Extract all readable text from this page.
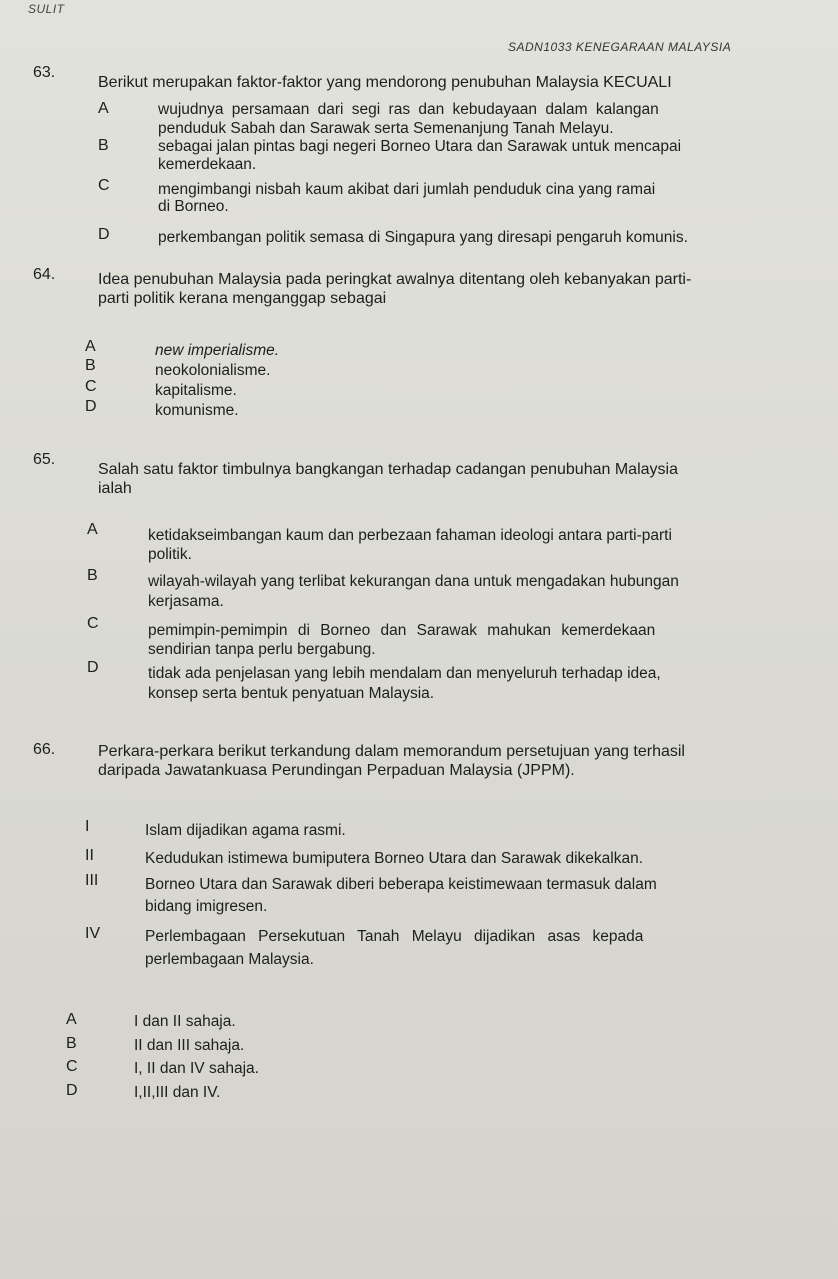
SULIT
SADN1033 KENEGARAAN MALAYSIA
63.
Berikut merupakan faktor-faktor yang mendorong penubuhan Malaysia KECUALI
A	wujudnya persamaan dari segi ras dan kebudayaan dalam kalangan
penduduk Sabah dan Sarawak serta Semenanjung Tanah Melayu.
B	sebagai jalan pintas bagi negeri Borneo Utara dan Sarawak untuk mencapai
kemerdekaan.
C	mengimbangi nisbah kaum akibat dari jumlah penduduk cina yang ramai
di Borneo.
D	perkembangan politik semasa di Singapura yang diresapi pengaruh komunis.
64.	Idea penubuhan Malaysia pada peringkat awalnya ditentang oleh kebanyakan parti-
parti politik kerana menganggap sebagai
A	new imperialisme.
B	neokolonialisme.
C	kapitalisme.
D	komunisme.
65.
Salah satu faktor timbulnya bangkangan terhadap cadangan penubuhan Malaysia
ialah
A	ketidakseimbangan kaum dan perbezaan fahaman ideologi antara parti-parti
politik.
B	wilayah-wilayah yang terlibat kekurangan dana untuk mengadakan hubungan
kerjasama.
C	pemimpin-pemimpin di Borneo dan Sarawak mahukan kemerdekaan
sendirian tanpa perlu bergabung.
D	tidak ada penjelasan yang lebih mendalam dan menyeluruh terhadap idea,
konsep serta bentuk penyatuan Malaysia.
66.	Perkara-perkara berikut terkandung dalam memorandum persetujuan yang terhasil
daripada Jawatankuasa Perundingan Perpaduan Malaysia (JPPM).
I	Islam dijadikan agama rasmi.
II	Kedudukan istimewa bumiputera Borneo Utara dan Sarawak dikekalkan.
III	Borneo Utara dan Sarawak diberi beberapa keistimewaan termasuk dalam
bidang imigresen.
IV	Perlembagaan Persekutuan Tanah Melayu dijadikan asas kepada
perlembagaan Malaysia.
A	I dan II sahaja.
B	II dan III sahaja.
C	I, II dan IV sahaja.
D	I,II,III dan IV.
